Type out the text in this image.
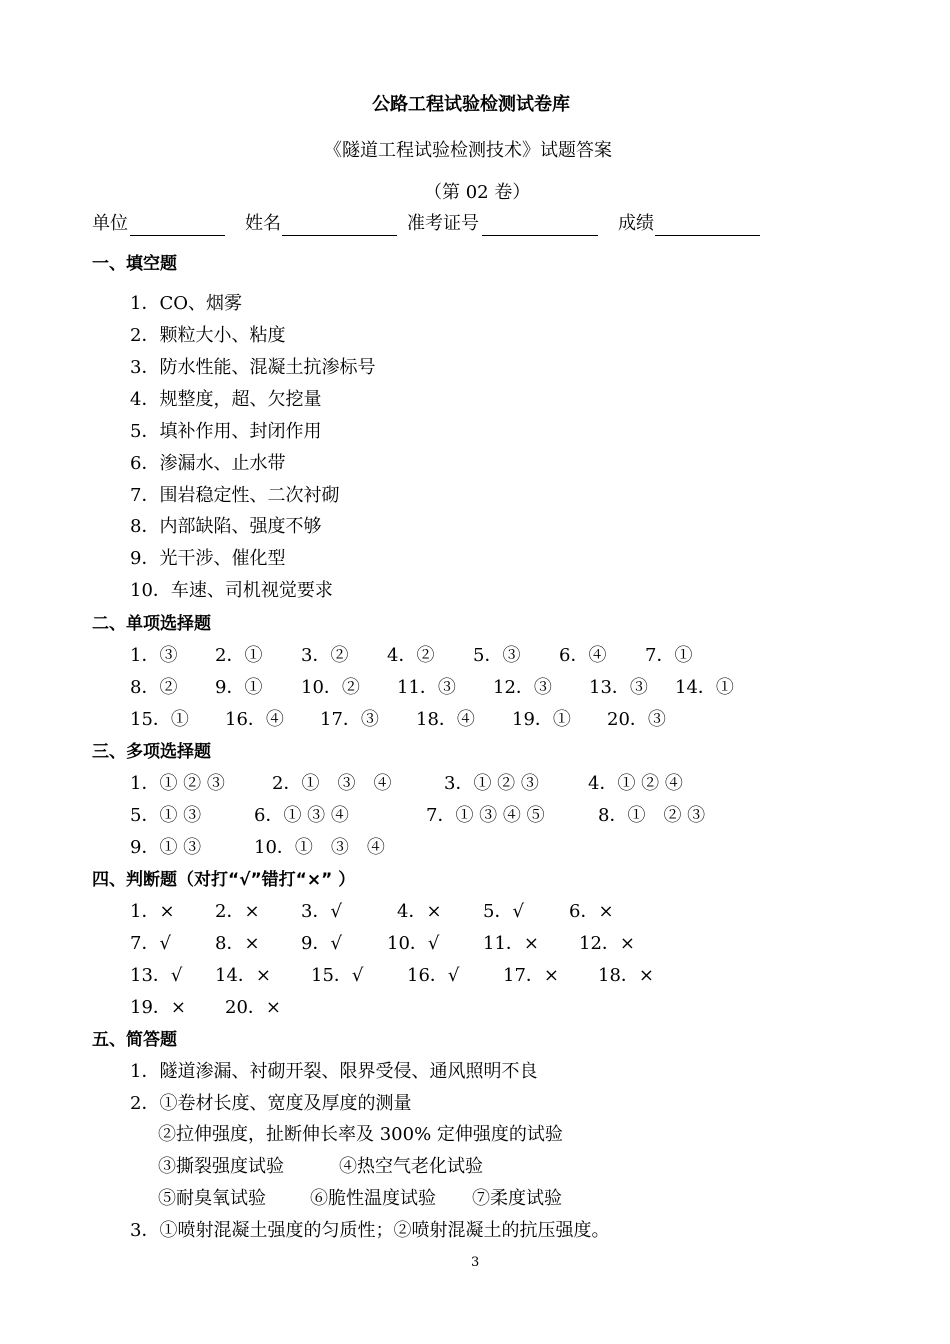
公路工程试验检测试卷库
《隧道工程试验检测技术》试题答案
（第 02 卷）
单位	姓名	准考证号	成绩
一、填空题
1．CO、烟雾
2．颗粒大小、粘度
3．防水性能、混凝土抗渗标号
4．规整度，超、欠挖量
5．填补作用、封闭作用
6．渗漏水、止水带
7．围岩稳定性、二次衬砌
8．内部缺陷、强度不够
9．光干涉、催化型
10．车速、司机视觉要求
二、单项选择题
1．③ 2．① 3．② 4．② 5．③ 6．④ 7．①
8．② 9．① 10．② 11．③ 12．③ 13．③ 14．①
15．① 16．④ 17．③ 18．④ 19．① 20．③
三、多项选择题
1．① ② ③	2．①　③　④	3．① ② ③	4．① ② ④
5．① ③	6．① ③ ④	7．① ③ ④ ⑤	8．①　② ③
9．① ③	10．①　③　④
四、判断题（对打“√”错打“×” ）
1．× 2．× 3．√	4．× 5．√	6．×
7．√ 8．× 9．√	10．√ 11．× 12．×
13．√ 14．× 15．√ 16．√ 17．× 18．×
19．× 20．×
五、简答题
1．隧道渗漏、衬砌开裂、限界受侵、通风照明不良
2．①卷材长度、宽度及厚度的测量
②拉伸强度，扯断伸长率及 300% 定伸强度的试验
③撕裂强度试验	④热空气老化试验
⑤耐臭氧试验 ⑥脆性温度试验 ⑦柔度试验
3．①喷射混凝土强度的匀质性；②喷射混凝土的抗压强度。
3
